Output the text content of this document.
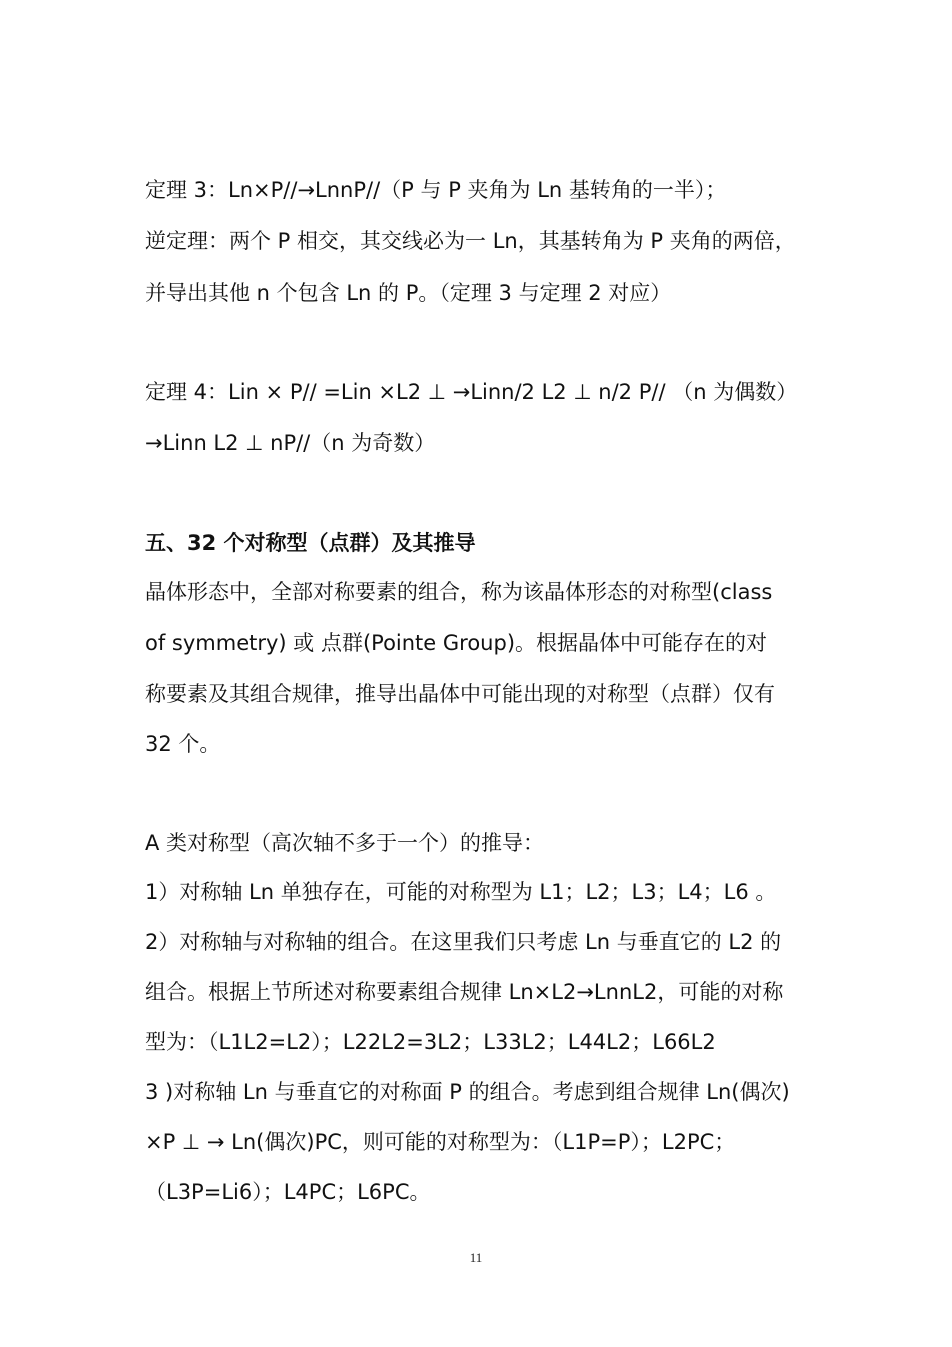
定理 3：Ln×P//→LnnP//（P 与 P 夹角为 Ln 基转角的一半）；
逆定理：两个 P 相交，其交线必为一 Ln，其基转角为 P 夹角的两倍，
并导出其他 n 个包含 Ln 的 P。（定理 3 与定理 2 对应）
定理 4：Lin × P// =Lin ×L2 ⊥ →Linn/2 L2 ⊥ n/2 P// （n 为偶数）
→Linn L2 ⊥ nP//（n 为奇数）
五、32 个对称型（点群）及其推导
晶体形态中，全部对称要素的组合，称为该晶体形态的对称型(class
of symmetry) 或 点群(Pointe Group)。根据晶体中可能存在的对
称要素及其组合规律，推导出晶体中可能出现的对称型（点群）仅有
32 个。
A 类对称型（高次轴不多于一个）的推导：
1）对称轴 Ln 单独存在，可能的对称型为 L1；L2；L3；L4；L6 。
2）对称轴与对称轴的组合。在这里我们只考虑 Ln 与垂直它的 L2 的
组合。根据上节所述对称要素组合规律 Ln×L2→LnnL2，可能的对称
型为：（L1L2=L2）；L22L2=3L2；L33L2；L44L2；L66L2
3 )对称轴 Ln 与垂直它的对称面 P 的组合。考虑到组合规律 Ln(偶次)
×P ⊥ → Ln(偶次)PC，则可能的对称型为：（L1P=P）；L2PC；
（L3P=Li6）；L4PC；L6PC。
11
